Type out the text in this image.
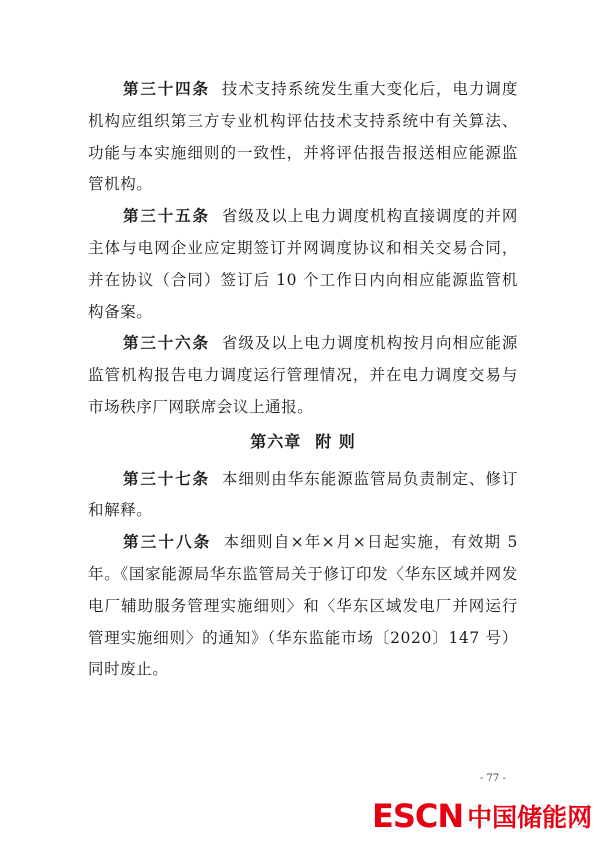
第三十四条 技术支持系统发生重大变化后，电力调度机构应组织第三方专业机构评估技术支持系统中有关算法、功能与本实施细则的一致性，并将评估报告报送相应能源监管机构。

第三十五条 省级及以上电力调度机构直接调度的并网主体与电网企业应定期签订并网调度协议和相关交易合同，并在协议（合同）签订后 10 个工作日内向相应能源监管机构备案。

第三十六条 省级及以上电力调度机构按月向相应能源监管机构报告电力调度运行管理情况，并在电力调度交易与市场秩序厂网联席会议上通报。

第六章 附 则

第三十七条 本细则由华东能源监管局负责制定、修订和解释。

第三十八条 本细则自×年×月×日起实施，有效期 5 年。《国家能源局华东监管局关于修订印发〈华东区域并网发电厂辅助服务管理实施细则〉和〈华东区域发电厂并网运行管理实施细则〉的通知》（华东监能市场〔2020〕147 号）同时废止。

- 77 -
ESCN 中国储能网
